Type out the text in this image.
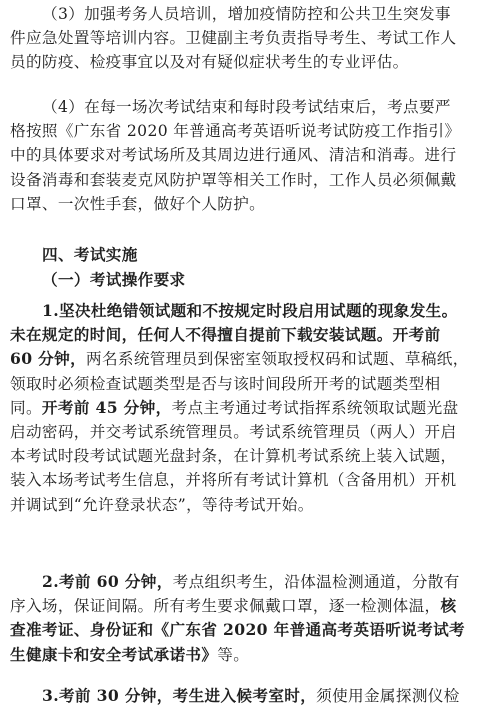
（3）加强考务人员培训，增加疫情防控和公共卫生突发事
件应急处置等培训内容。卫健副主考负责指导考生、考试工作人
员的防疫、检疫事宜以及对有疑似症状考生的专业评估。
（4）在每一场次考试结束和每时段考试结束后，考点要严
格按照《广东省 2020 年普通高考英语听说考试防疫工作指引》
中的具体要求对考试场所及其周边进行通风、清洁和消毒。进行
设备消毒和套装麦克风防护罩等相关工作时，工作人员必须佩戴
口罩、一次性手套，做好个人防护。
四、考试实施
（一）考试操作要求
1.坚决杜绝错领试题和不按规定时段启用试题的现象发生。
未在规定的时间，任何人不得擅自提前下载安装试题。开考前
60 分钟，两名系统管理员到保密室领取授权码和试题、草稿纸，
领取时必须检查试题类型是否与该时间段所开考的试题类型相
同。开考前 45 分钟，考点主考通过考试指挥系统领取试题光盘
启动密码，并交考试系统管理员。考试系统管理员（两人）开启
本考试时段考试试题光盘封条，在计算机考试系统上装入试题，
装入本场考试考生信息，并将所有考试计算机（含备用机）开机
并调试到“允许登录状态”，等待考试开始。
2.考前 60 分钟，考点组织考生，沿体温检测通道，分散有
序入场，保证间隔。所有考生要求佩戴口罩，逐一检测体温，核
查准考证、身份证和《广东省 2020 年普通高考英语听说考试考
生健康卡和安全考试承诺书》等。
3.考前 30 分钟，考生进入候考室时，须使用金属探测仪检
